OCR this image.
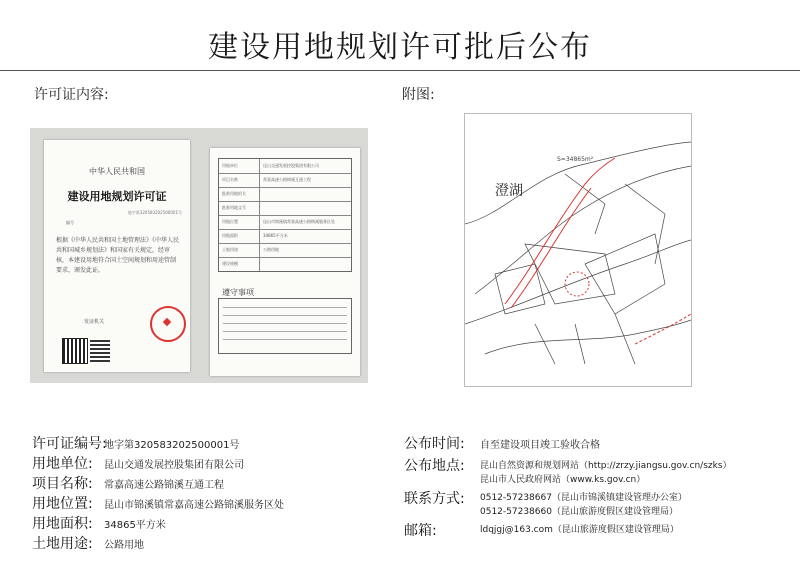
建设用地规划许可批后公布
许可证内容:	附图:
中华人民共和国
建设用地规划许可证
地字第320583202500001号
编号
根据《中华人民共和国土地管理法》《中华人民共和国城乡规划法》和国家有关规定，经审核，本建设用地符合国土空间规划和用途管制要求，颁发此证。
发证机关
用地单位	昆山交通发展控股集团有限公司
项目名称	常嘉高速公路锦溪互通工程
批准用地机关
批准用地文号
用地位置	昆山市锦溪镇常嘉高速公路锦溪服务区处
用地面积	34865平方米
土地用途	公路用地
建设规模
遵守事项
澄湖
S=34865m²
许可证编号:
地字第320583202500001号
用地单位: 昆山交通发展控股集团有限公司
项目名称: 常嘉高速公路锦溪互通工程
用地位置: 昆山市锦溪镇常嘉高速公路锦溪服务区处
用地面积: 34865平方米
土地用途: 公路用地
公布时间: 自至建设项目竣工验收合格
公布地点: 昆山自然资源和规划网站（http://zrzy.jiangsu.gov.cn/szks）
昆山市人民政府网站（www.ks.gov.cn）
联系方式: 0512-57238667（昆山市锦溪镇建设管理办公室）
0512-57238660（昆山旅游度假区建设管理局）
邮箱:	ldqjgj@163.com（昆山旅游度假区建设管理局）
